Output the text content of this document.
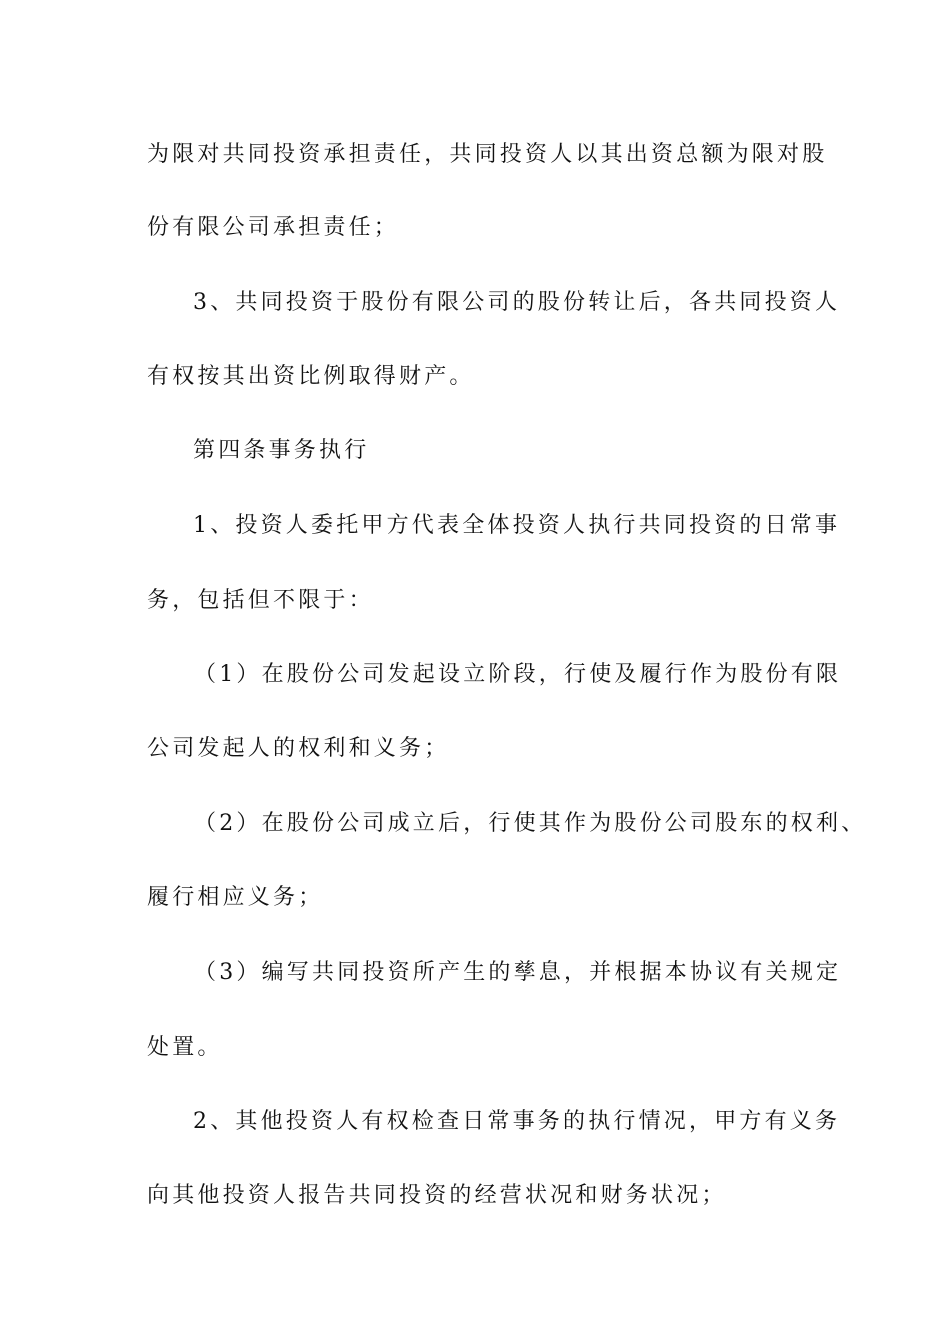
为限对共同投资承担责任，共同投资人以其出资总额为限对股
份有限公司承担责任；
3、共同投资于股份有限公司的股份转让后，各共同投资人
有权按其出资比例取得财产。
第四条事务执行
1、投资人委托甲方代表全体投资人执行共同投资的日常事
务，包括但不限于：
（1）在股份公司发起设立阶段，行使及履行作为股份有限
公司发起人的权利和义务；
（2）在股份公司成立后，行使其作为股份公司股东的权利、
履行相应义务；
（3）编写共同投资所产生的孳息，并根据本协议有关规定
处置。
2、其他投资人有权检查日常事务的执行情况，甲方有义务
向其他投资人报告共同投资的经营状况和财务状况；
